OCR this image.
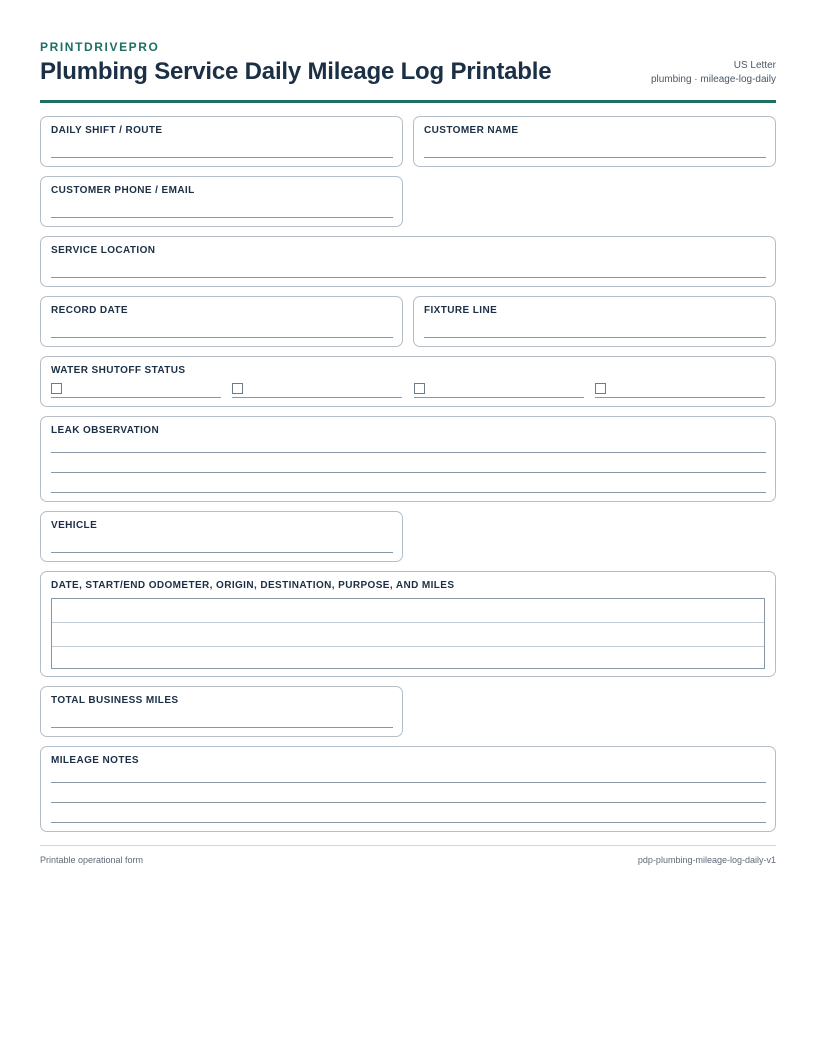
PRINTDRIVEPRO
Plumbing Service Daily Mileage Log Printable	US Letter
plumbing · mileage-log-daily
DAILY SHIFT / ROUTE	CUSTOMER NAME
CUSTOMER PHONE / EMAIL
SERVICE LOCATION
RECORD DATE	FIXTURE LINE
WATER SHUTOFF STATUS
LEAK OBSERVATION
VEHICLE
DATE, START/END ODOMETER, ORIGIN, DESTINATION, PURPOSE, AND MILES
TOTAL BUSINESS MILES
MILEAGE NOTES
Printable operational form	pdp-plumbing-mileage-log-daily-v1
